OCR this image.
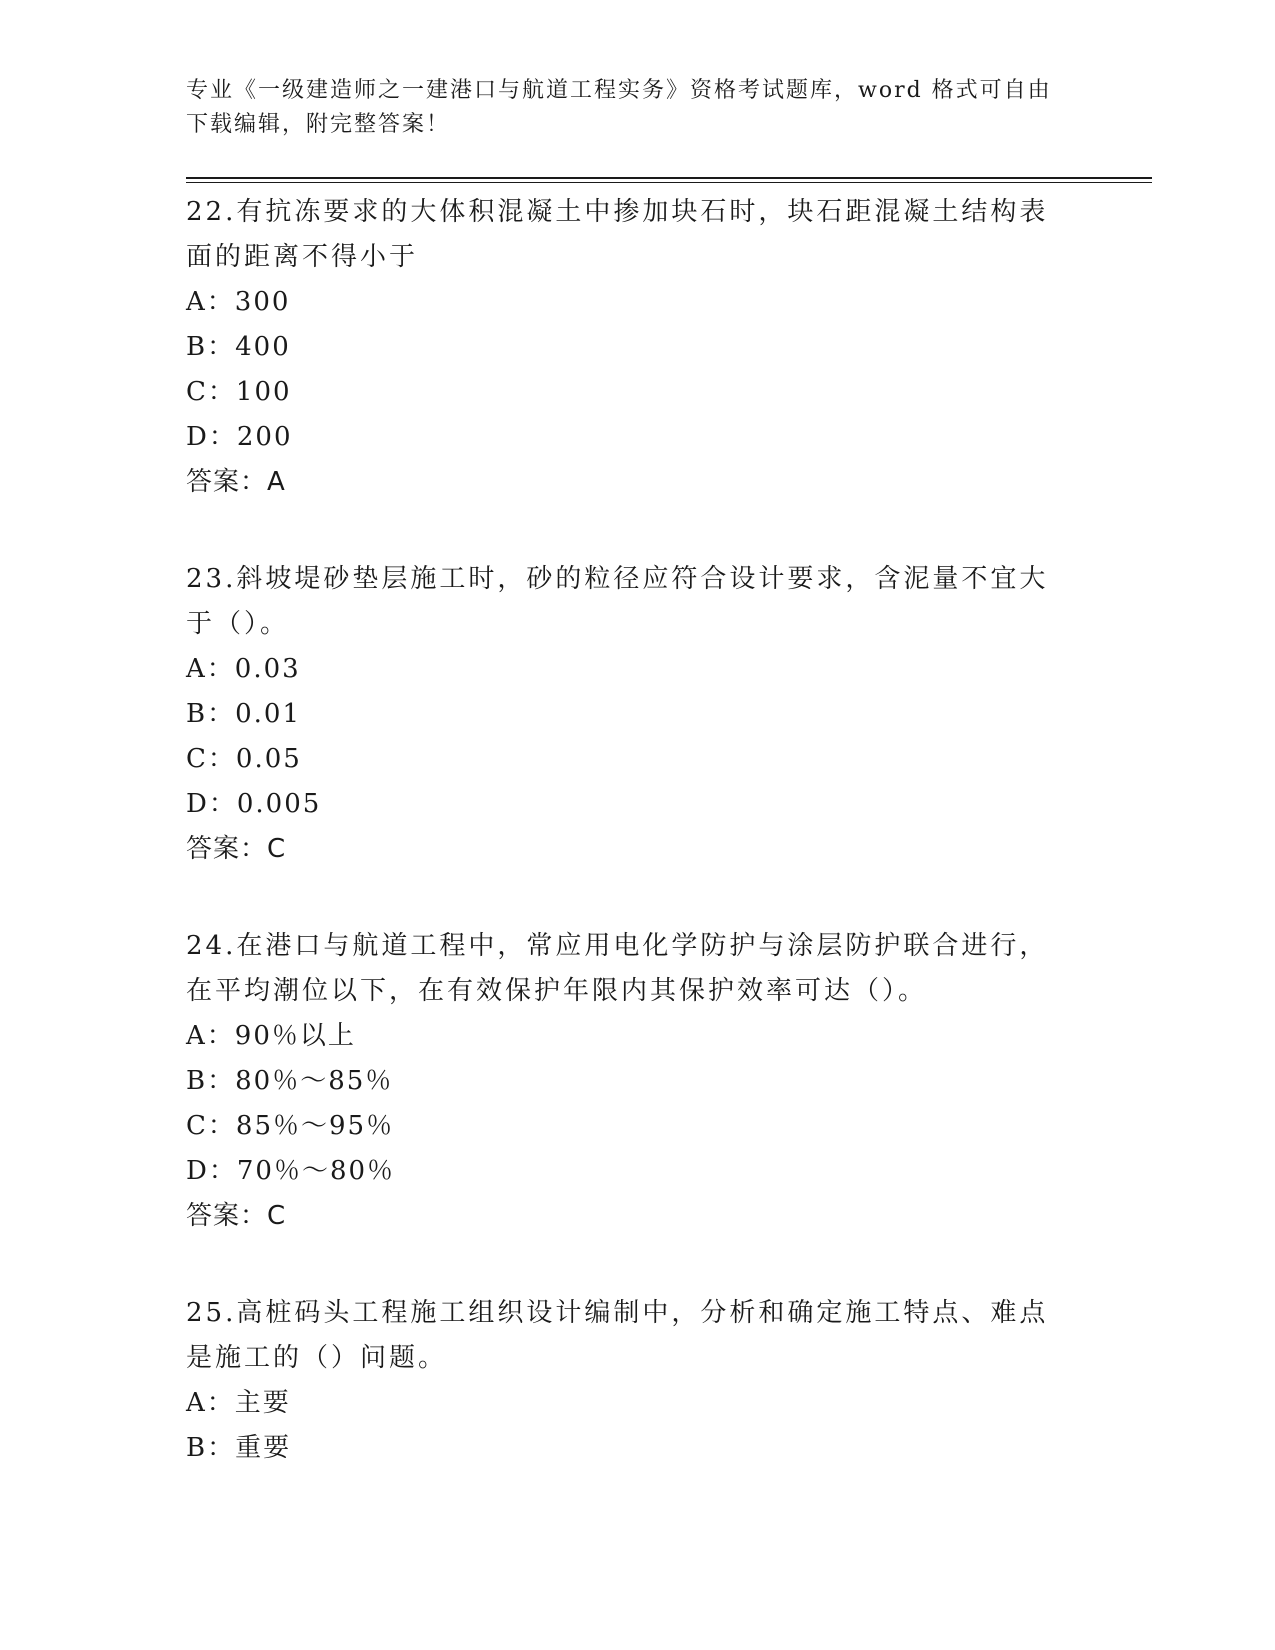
专业《一级建造师之一建港口与航道工程实务》资格考试题库，word 格式可自由下载编辑，附完整答案！
22.有抗冻要求的大体积混凝土中掺加块石时，块石距混凝土结构表面的距离不得小于
A：300
B：400
C：100
D：200
答案：A
23.斜坡堤砂垫层施工时，砂的粒径应符合设计要求，含泥量不宜大于（）。
A：0.03
B：0.01
C：0.05
D：0.005
答案：C
24.在港口与航道工程中，常应用电化学防护与涂层防护联合进行，在平均潮位以下，在有效保护年限内其保护效率可达（）。
A：90％以上
B：80％～85％
C：85％～95％
D：70％～80％
答案：C
25.高桩码头工程施工组织设计编制中，分析和确定施工特点、难点是施工的（）问题。
A：主要
B：重要
